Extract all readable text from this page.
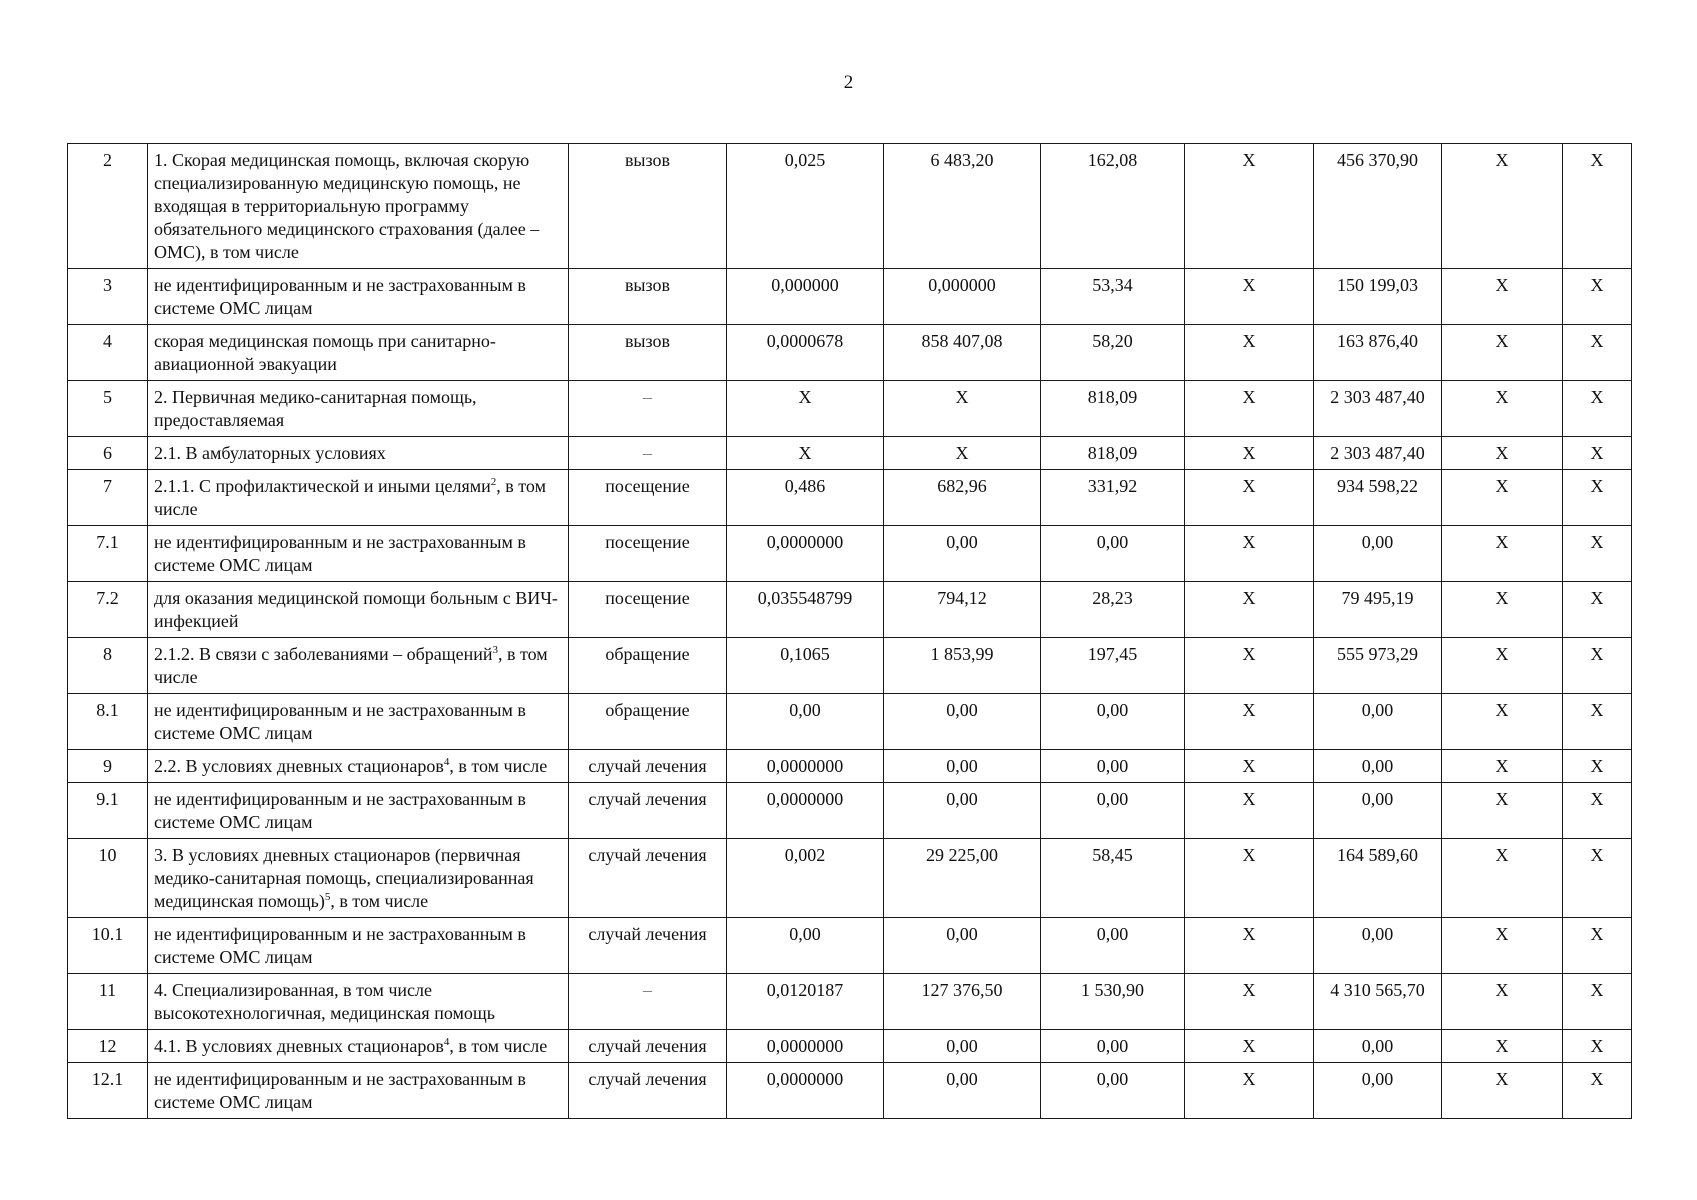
2
2	1. Скорая медицинская помощь, включая скорую специализированную медицинскую помощь, не входящая в территориальную программу обязательного медицинского страхования (далее – ОМС), в том числе	вызов	0,025	6 483,20	162,08	X	456 370,90	X	X
3	не идентифицированным и не застрахованным в системе ОМС лицам	вызов	0,000000	0,000000	53,34	X	150 199,03	X	X
4	скорая медицинская помощь при санитарно-авиационной эвакуации	вызов	0,0000678	858 407,08	58,20	X	163 876,40	X	X
5	2. Первичная медико-санитарная помощь, предоставляемая	–	X	X	818,09	X	2 303 487,40	X	X
6	2.1. В амбулаторных условиях	–	X	X	818,09	X	2 303 487,40	X	X
7	2.1.1. С профилактической и иными целями$^2$, в том числе	посещение	0,486	682,96	331,92	X	934 598,22	X	X
7.1	не идентифицированным и не застрахованным в системе ОМС лицам	посещение	0,0000000	0,00	0,00	X	0,00	X	X
7.2	для оказания медицинской помощи больным с ВИЧ-инфекцией	посещение	0,035548799	794,12	28,23	X	79 495,19	X	X
8	2.1.2. В связи с заболеваниями – обращений$^3$, в том числе	обращение	0,1065	1 853,99	197,45	X	555 973,29	X	X
8.1	не идентифицированным и не застрахованным в системе ОМС лицам	обращение	0,00	0,00	0,00	X	0,00	X	X
9	2.2. В условиях дневных стационаров$^4$, в том числе	случай лечения	0,0000000	0,00	0,00	X	0,00	X	X
9.1	не идентифицированным и не застрахованным в системе ОМС лицам	случай лечения	0,0000000	0,00	0,00	X	0,00	X	X
10	3. В условиях дневных стационаров (первичная медико-санитарная помощь, специализированная медицинская помощь)$^5$, в том числе	случай лечения	0,002	29 225,00	58,45	X	164 589,60	X	X
10.1	не идентифицированным и не застрахованным в системе ОМС лицам	случай лечения	0,00	0,00	0,00	X	0,00	X	X
11	4. Специализированная, в том числе высокотехнологичная, медицинская помощь	–	0,0120187	127 376,50	1 530,90	X	4 310 565,70	X	X
12	4.1. В условиях дневных стационаров$^4$, в том числе	случай лечения	0,0000000	0,00	0,00	X	0,00	X	X
12.1	не идентифицированным и не застрахованным в системе ОМС лицам	случай лечения	0,0000000	0,00	0,00	X	0,00	X	X
